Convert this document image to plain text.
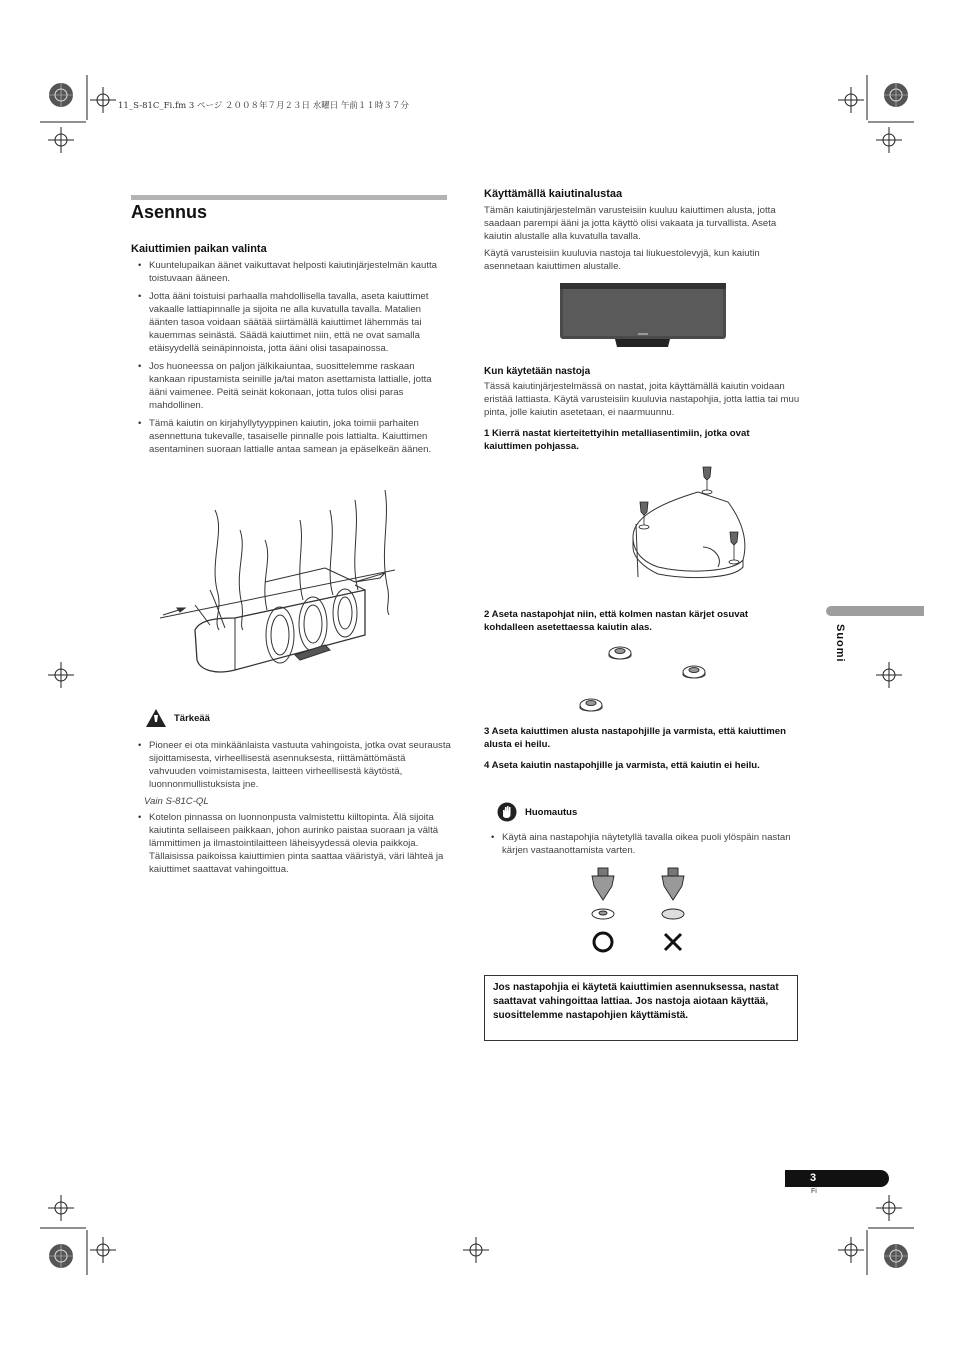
11_S-81C_Fi.fm 3 ページ ２００８年７月２３日 水曜日 午前１１時３７分
Asennus
Kaiuttimien paikan valinta
• Kuuntelupaikan äänet vaikuttavat helposti kaiutinjärjestelmän kautta toistuvaan ääneen.
• Jotta ääni toistuisi parhaalla mahdollisella tavalla, aseta kaiuttimet vakaalle lattiapinnalle ja sijoita ne alla kuvatulla tavalla. Matalien äänten tasoa voidaan säätää siirtämällä kaiuttimet lähemmäs tai kauemmas seinästä. Säädä kaiuttimet niin, että ne ovat samalla etäisyydellä seinäpinnoista, jotta ääni olisi tasapainossa.
• Jos huoneessa on paljon jälkikaiuntaa, suosittelemme raskaan kankaan ripustamista seinille ja/tai maton asettamista lattialle, jotta ääni vaimenee. Peitä seinät kokonaan, jotta tulos olisi paras mahdollinen.
• Tämä kaiutin on kirjahyllytyyppinen kaiutin, joka toimii parhaiten asennettuna tukevalle, tasaiselle pinnalle pois lattialta. Kaiuttimen asentaminen suoraan lattialle antaa samean ja epäselkeän äänen.
Tärkeää
• Pioneer ei ota minkäänlaista vastuuta vahingoista, jotka ovat seurausta sijoittamisesta, virheellisestä asennuksesta, riittämättömästä vahvuuden voimistamisesta, laitteen virheellisestä käytöstä, luonnonmullistuksista jne.
Vain S-81C-QL
• Kotelon pinnassa on luonnonpusta valmistettu kiiltopinta. Älä sijoita kaiutinta sellaiseen paikkaan, johon aurinko paistaa suoraan ja vältä lämmittimen ja ilmastointilaitteen läheisyydessä olevia paikkoja. Tällaisissa paikoissa kaiuttimien pinta saattaa vääristyä, väri lähteä ja kaiuttimet saattavat vahingoittua.
Käyttämällä kaiutinalustaa
Tämän kaiutinjärjestelmän varusteisiin kuuluu kaiuttimen alusta, jotta saadaan parempi ääni ja jotta käyttö olisi vakaata ja turvallista. Aseta kaiutin alustalle alla kuvatulla tavalla.
Käytä varusteisiin kuuluvia nastoja tai liukuestolevyjä, kun kaiutin asennetaan kaiuttimen alustalle.
Kun käytetään nastoja
Tässä kaiutinjärjestelmässä on nastat, joita käyttämällä kaiutin voidaan eristää lattiasta. Käytä varusteisiin kuuluvia nastapohjia, jotta lattia tai muu pinta, jolle kaiutin asetetaan, ei naarmuunnu.
1 Kierrä nastat kierteitettyihin metalliasentimiin, jotka ovat kaiuttimen pohjassa.
2 Aseta nastapohjat niin, että kolmen nastan kärjet osuvat kohdalleen asetettaessa kaiutin alas.
3 Aseta kaiuttimen alusta nastapohjille ja varmista, että kaiuttimen alusta ei heilu.
4 Aseta kaiutin nastapohjille ja varmista, että kaiutin ei heilu.
Huomautus
• Käytä aina nastapohjia näytetyllä tavalla oikea puoli ylöspäin nastan kärjen vastaanottamista varten.
Jos nastapohjia ei käytetä kaiuttimien asennuksessa, nastat saattavat vahingoittaa lattiaa. Jos nastoja aiotaan käyttää, suosittelemme nastapohjien käyttämistä.
Suomi
3
Fi
